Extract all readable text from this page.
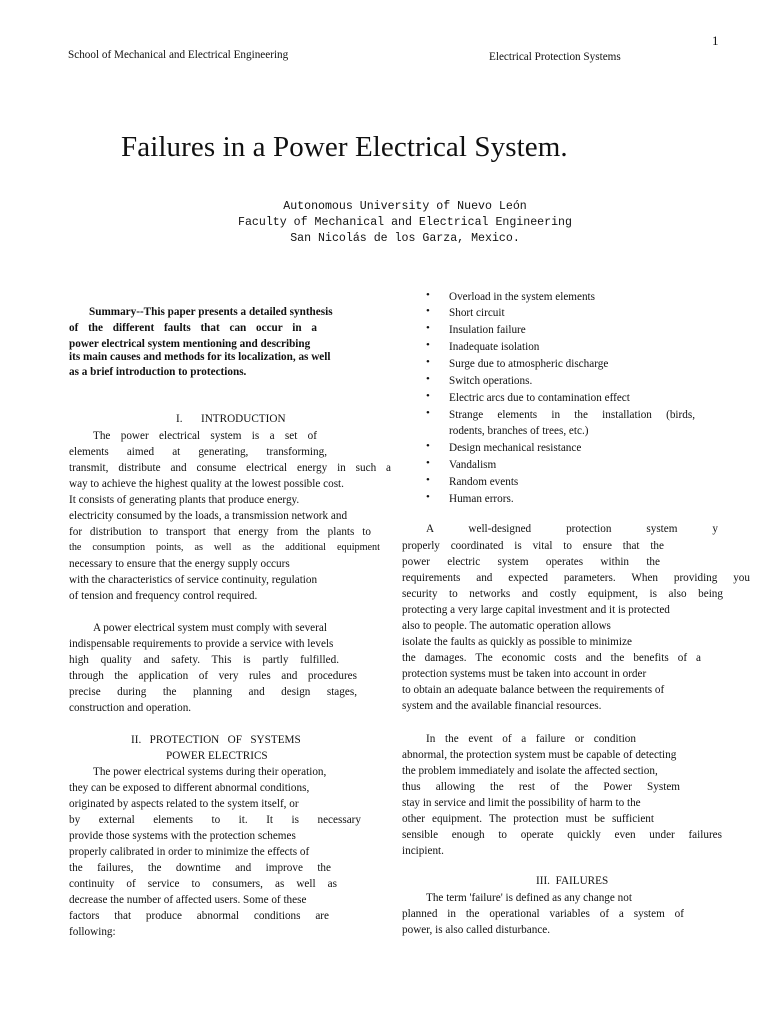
1
School of Mechanical and Electrical Engineering	Electrical Protection Systems
Failures in a Power Electrical System.
Autonomous University of Nuevo León
Faculty of Mechanical and Electrical Engineering
San Nicolás de los Garza, Mexico.
Summary--This paper presents a detailed synthesis
of the different faults that can occur in a
power electrical system mentioning and describing
its main causes and methods for its localization, as well
as a brief introduction to protections.
I. INTRODUCTION
The power electrical system is a set of
elements aimed at generating, transforming,
transmit, distribute and consume electrical energy in such a
way to achieve the highest quality at the lowest possible cost.
It consists of generating plants that produce energy.
electricity consumed by the loads, a transmission network and
for distribution to transport that energy from the plants to
the consumption points, as well as the additional equipment
necessary to ensure that the energy supply occurs
with the characteristics of service continuity, regulation
of tension and frequency control required.
A power electrical system must comply with several
indispensable requirements to provide a service with levels
high quality and safety. This is partly fulfilled.
through the application of very rules and procedures
precise during the planning and design stages,
construction and operation.
II.   PROTECTION   OF   SYSTEMS
POWER ELECTRICS
The power electrical systems during their operation,
they can be exposed to different abnormal conditions,
originated by aspects related to the system itself, or
by external elements to it. It is necessary
provide those systems with the protection schemes
properly calibrated in order to minimize the effects of
the failures, the downtime and improve the
continuity of service to consumers, as well as
decrease the number of affected users. Some of these
factors that produce abnormal conditions are
following:
• Overload in the system elements
• Short circuit
• Insulation failure
• Inadequate isolation
• Surge due to atmospheric discharge
• Switch operations.
• Electric arcs due to contamination effect
• Strange elements in the installation (birds,
rodents, branches of trees, etc.)
• Design mechanical resistance
• Vandalism
• Random events
• Human errors.
A well-designed protection system y
properly coordinated is vital to ensure that the
power electric system operates within the
requirements and expected parameters. When providing you
security to networks and costly equipment, is also being
protecting a very large capital investment and it is protected
also to people. The automatic operation allows
isolate the faults as quickly as possible to minimize
the damages. The economic costs and the benefits of a
protection systems must be taken into account in order
to obtain an adequate balance between the requirements of
system and the available financial resources.
In the event of a failure or condition
abnormal, the protection system must be capable of detecting
the problem immediately and isolate the affected section,
thus allowing the rest of the Power System
stay in service and limit the possibility of harm to the
other equipment. The protection must be sufficient
sensible enough to operate quickly even under failures
incipient.
III.  FAILURES
The term 'failure' is defined as any change not
planned in the operational variables of a system of
power, is also called disturbance.
